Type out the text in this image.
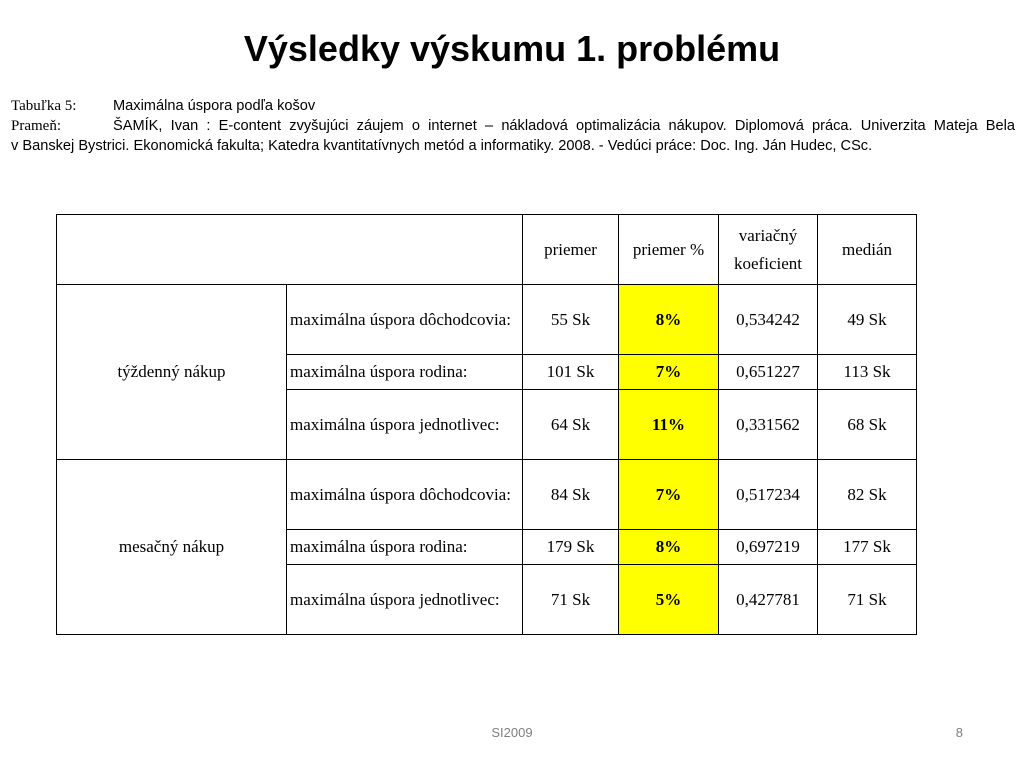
Výsledky výskumu 1. problému
Tabuľka 5:	Maximálna úspora podľa košov
Prameň:	ŠAMÍK, Ivan : E-content zvyšujúci záujem o internet – nákladová optimalizácia nákupov. Diplomová práca. Univerzita Mateja Bela
v Banskej Bystrici. Ekonomická fakulta; Katedra kvantitatívnych metód a informatiky. 2008. - Vedúci práce: Doc. Ing. Ján Hudec, CSc.
		priemer	priemer %	variačný koeficient	medián
týždenný nákup	maximálna úspora dôchodcovia:	55 Sk	8%	0,534242	49 Sk
	maximálna úspora rodina:	101 Sk	7%	0,651227	113 Sk
	maximálna úspora jednotlivec:	64 Sk	11%	0,331562	68 Sk
mesačný nákup	maximálna úspora dôchodcovia:	84 Sk	7%	0,517234	82 Sk
	maximálna úspora rodina:	179 Sk	8%	0,697219	177 Sk
	maximálna úspora jednotlivec:	71 Sk	5%	0,427781	71 Sk
SI2009	8
